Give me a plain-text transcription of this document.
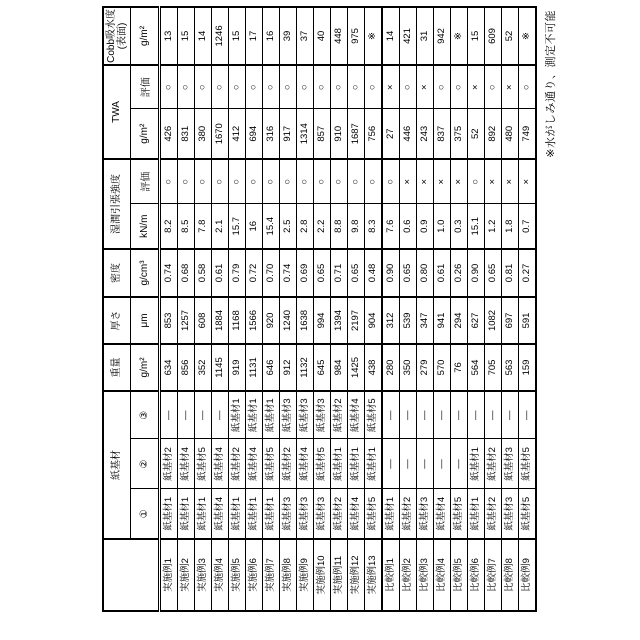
	紙基材			重量	厚さ	密度	湿潤引張強度		TWA		Cobb吸水度
(表面)
	①	②	③	g/m²	μm	g/cm³	kN/m	評価	g/m²	評価	g/m²
実施例1	紙基材1	紙基材2	—	634	853	0.74	8.2	○	426	○	13
実施例2	紙基材1	紙基材4	—	856	1257	0.68	8.5	○	831	○	15
実施例3	紙基材1	紙基材5	—	352	608	0.58	7.8	○	380	○	14
実施例4	紙基材4	紙基材4	—	1145	1884	0.61	2.1	○	1670	○	1246
実施例5	紙基材1	紙基材2	紙基材1	919	1168	0.79	15.7	○	412	○	15
実施例6	紙基材1	紙基材4	紙基材1	1131	1566	0.72	16	○	694	○	17
実施例7	紙基材1	紙基材5	紙基材1	646	920	0.70	15.4	○	316	○	16
実施例8	紙基材3	紙基材2	紙基材3	912	1240	0.74	2.5	○	917	○	39
実施例9	紙基材3	紙基材4	紙基材3	1132	1638	0.69	2.8	○	1314	○	37
実施例10	紙基材3	紙基材5	紙基材3	645	994	0.65	2.2	○	857	○	40
実施例11	紙基材2	紙基材1	紙基材2	984	1394	0.71	8.8	○	910	○	448
実施例12	紙基材4	紙基材1	紙基材4	1425	2197	0.65	9.8	○	1687	○	975
実施例13	紙基材5	紙基材1	紙基材5	438	904	0.48	8.3	○	756	○	※
比較例1	紙基材1	—	—	280	312	0.90	7.6	○	27	×	14
比較例2	紙基材2	—	—	350	539	0.65	0.6	×	446	○	421
比較例3	紙基材3	—	—	279	347	0.80	0.9	×	243	×	31
比較例4	紙基材4	—	—	570	941	0.61	1.0	×	837	○	942
比較例5	紙基材5	—	—	76	294	0.26	0.3	×	375	○	※
比較例6	紙基材1	紙基材1	—	564	627	0.90	15.1	○	52	×	15
比較例7	紙基材2	紙基材2	—	705	1082	0.65	1.2	×	892	○	609
比較例8	紙基材3	紙基材3	—	563	697	0.81	1.8	×	480	×	52
比較例9	紙基材5	紙基材5	—	159	591	0.27	0.7	×	749	○	※ ※水がしみ通り、測定不可能
